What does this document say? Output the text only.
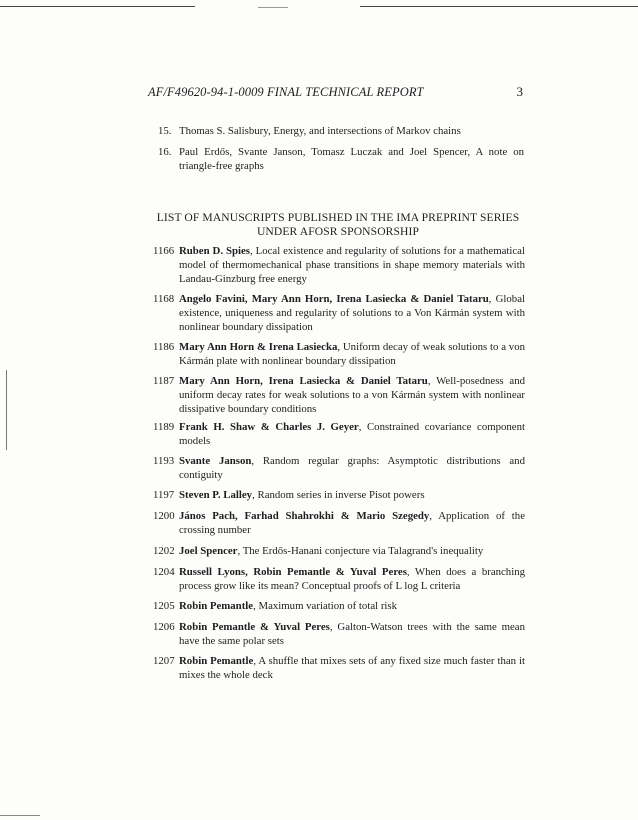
AF/F49620-94-1-0009 FINAL TECHNICAL REPORT	3
15. Thomas S. Salisbury, Energy, and intersections of Markov chains
16. Paul Erdős, Svante Janson, Tomasz Luczak and Joel Spencer, A note on triangle-free graphs
LIST OF MANUSCRIPTS PUBLISHED IN THE IMA PREPRINT SERIES
UNDER AFOSR SPONSORSHIP
1166 Ruben D. Spies, Local existence and regularity of solutions for a mathematical model of thermomechanical phase transitions in shape memory materials with Landau-Ginzburg free energy
1168 Angelo Favini, Mary Ann Horn, Irena Lasiecka & Daniel Tataru, Global existence, uniqueness and regularity of solutions to a Von Kármán system with nonlinear boundary dissipation
1186 Mary Ann Horn & Irena Lasiecka, Uniform decay of weak solutions to a von Kármán plate with nonlinear boundary dissipation
1187 Mary Ann Horn, Irena Lasiecka & Daniel Tataru, Well-posedness and uniform decay rates for weak solutions to a von Kármán system with nonlinear dissipative boundary conditions
1189 Frank H. Shaw & Charles J. Geyer, Constrained covariance component models
1193 Svante Janson, Random regular graphs: Asymptotic distributions and contiguity
1197 Steven P. Lalley, Random series in inverse Pisot powers
1200 János Pach, Farhad Shahrokhi & Mario Szegedy, Application of the crossing number
1202 Joel Spencer, The Erdős-Hanani conjecture via Talagrand's inequality
1204 Russell Lyons, Robin Pemantle & Yuval Peres, When does a branching process grow like its mean? Conceptual proofs of L log L criteria
1205 Robin Pemantle, Maximum variation of total risk
1206 Robin Pemantle & Yuval Peres, Galton-Watson trees with the same mean have the same polar sets
1207 Robin Pemantle, A shuffle that mixes sets of any fixed size much faster than it mixes the whole deck
